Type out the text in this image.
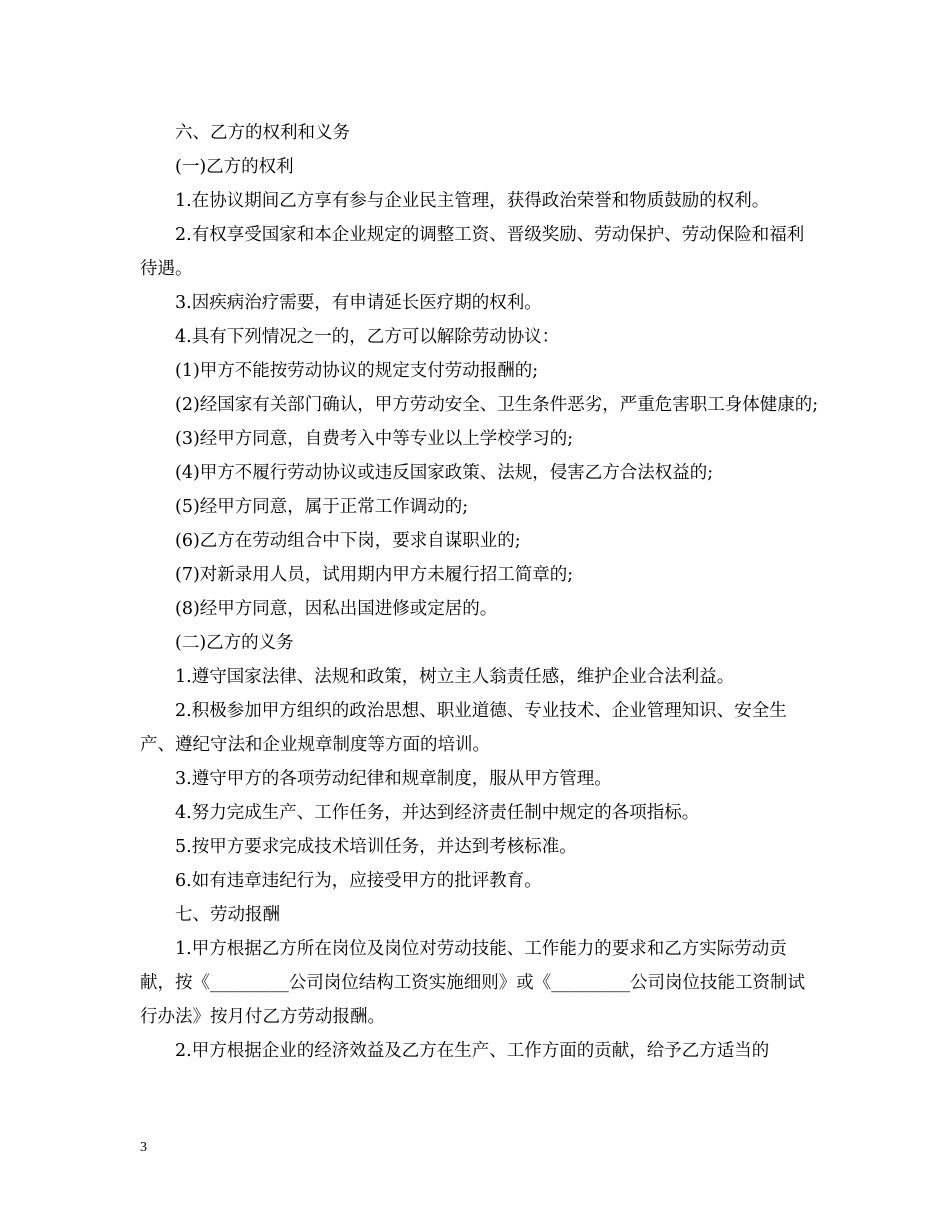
六、乙方的权利和义务

(一)乙方的权利

1.在协议期间乙方享有参与企业民主管理，获得政治荣誉和物质鼓励的权利。

2.有权享受国家和本企业规定的调整工资、晋级奖励、劳动保护、劳动保险和福利待遇。

3.因疾病治疗需要，有申请延长医疗期的权利。

4.具有下列情况之一的，乙方可以解除劳动协议：

(1)甲方不能按劳动协议的规定支付劳动报酬的;

(2)经国家有关部门确认，甲方劳动安全、卫生条件恶劣，严重危害职工身体健康的;

(3)经甲方同意，自费考入中等专业以上学校学习的;

(4)甲方不履行劳动协议或违反国家政策、法规，侵害乙方合法权益的;

(5)经甲方同意，属于正常工作调动的;

(6)乙方在劳动组合中下岗，要求自谋职业的;

(7)对新录用人员，试用期内甲方未履行招工简章的;

(8)经甲方同意，因私出国进修或定居的。

(二)乙方的义务

1.遵守国家法律、法规和政策，树立主人翁责任感，维护企业合法利益。

2.积极参加甲方组织的政治思想、职业道德、专业技术、企业管理知识、安全生产、遵纪守法和企业规章制度等方面的培训。

3.遵守甲方的各项劳动纪律和规章制度，服从甲方管理。

4.努力完成生产、工作任务，并达到经济责任制中规定的各项指标。

5.按甲方要求完成技术培训任务，并达到考核标准。

6.如有违章违纪行为，应接受甲方的批评教育。

七、劳动报酬

1.甲方根据乙方所在岗位及岗位对劳动技能、工作能力的要求和乙方实际劳动贡献，按《_________公司岗位结构工资实施细则》或《_________公司岗位技能工资制试行办法》按月付乙方劳动报酬。

2.甲方根据企业的经济效益及乙方在生产、工作方面的贡献，给予乙方适当的

3
